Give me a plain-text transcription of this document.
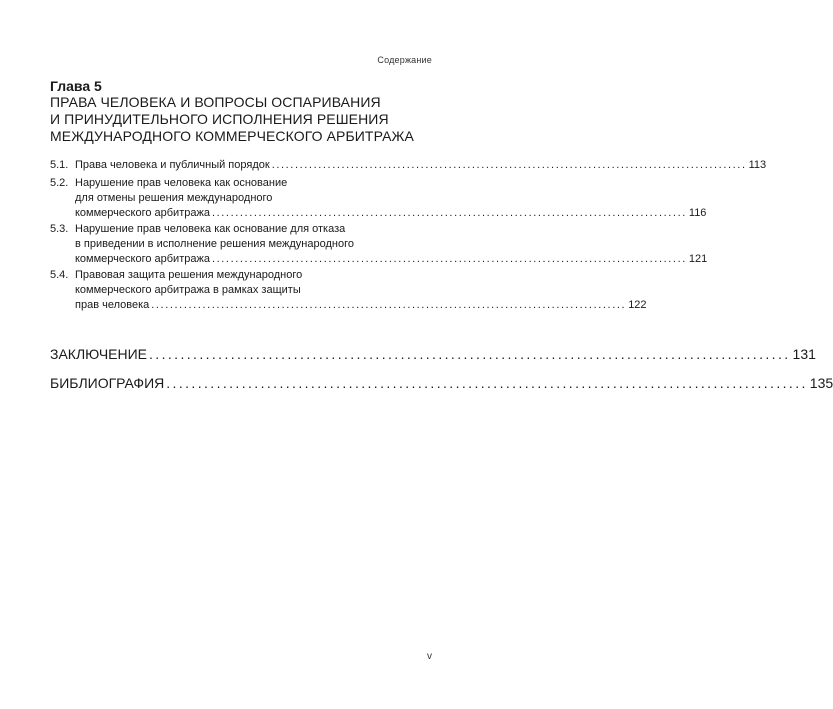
Содержание
Глава 5
ПРАВА ЧЕЛОВЕКА И ВОПРОСЫ ОСПАРИВАНИЯ
И ПРИНУДИТЕЛЬНОГО ИСПОЛНЕНИЯ РЕШЕНИЯ
МЕЖДУНАРОДНОГО КОММЕРЧЕСКОГО АРБИТРАЖА
5.1. Права человека и публичный порядок ...................................................................................................... 113
5.2. Нарушение прав человека как основание
для отмены решения международного
коммерческого арбитража ...................................................................................................... 116
5.3. Нарушение прав человека как основание для отказа
в приведении в исполнение решения международного
коммерческого арбитража ...................................................................................................... 121
5.4. Правовая защита решения международного
коммерческого арбитража в рамках защиты
прав человека ...................................................................................................... 122
ЗАКЛЮЧЕНИЕ ...................................................................................................... 131
БИБЛИОГРАФИЯ ...................................................................................................... 135
v
